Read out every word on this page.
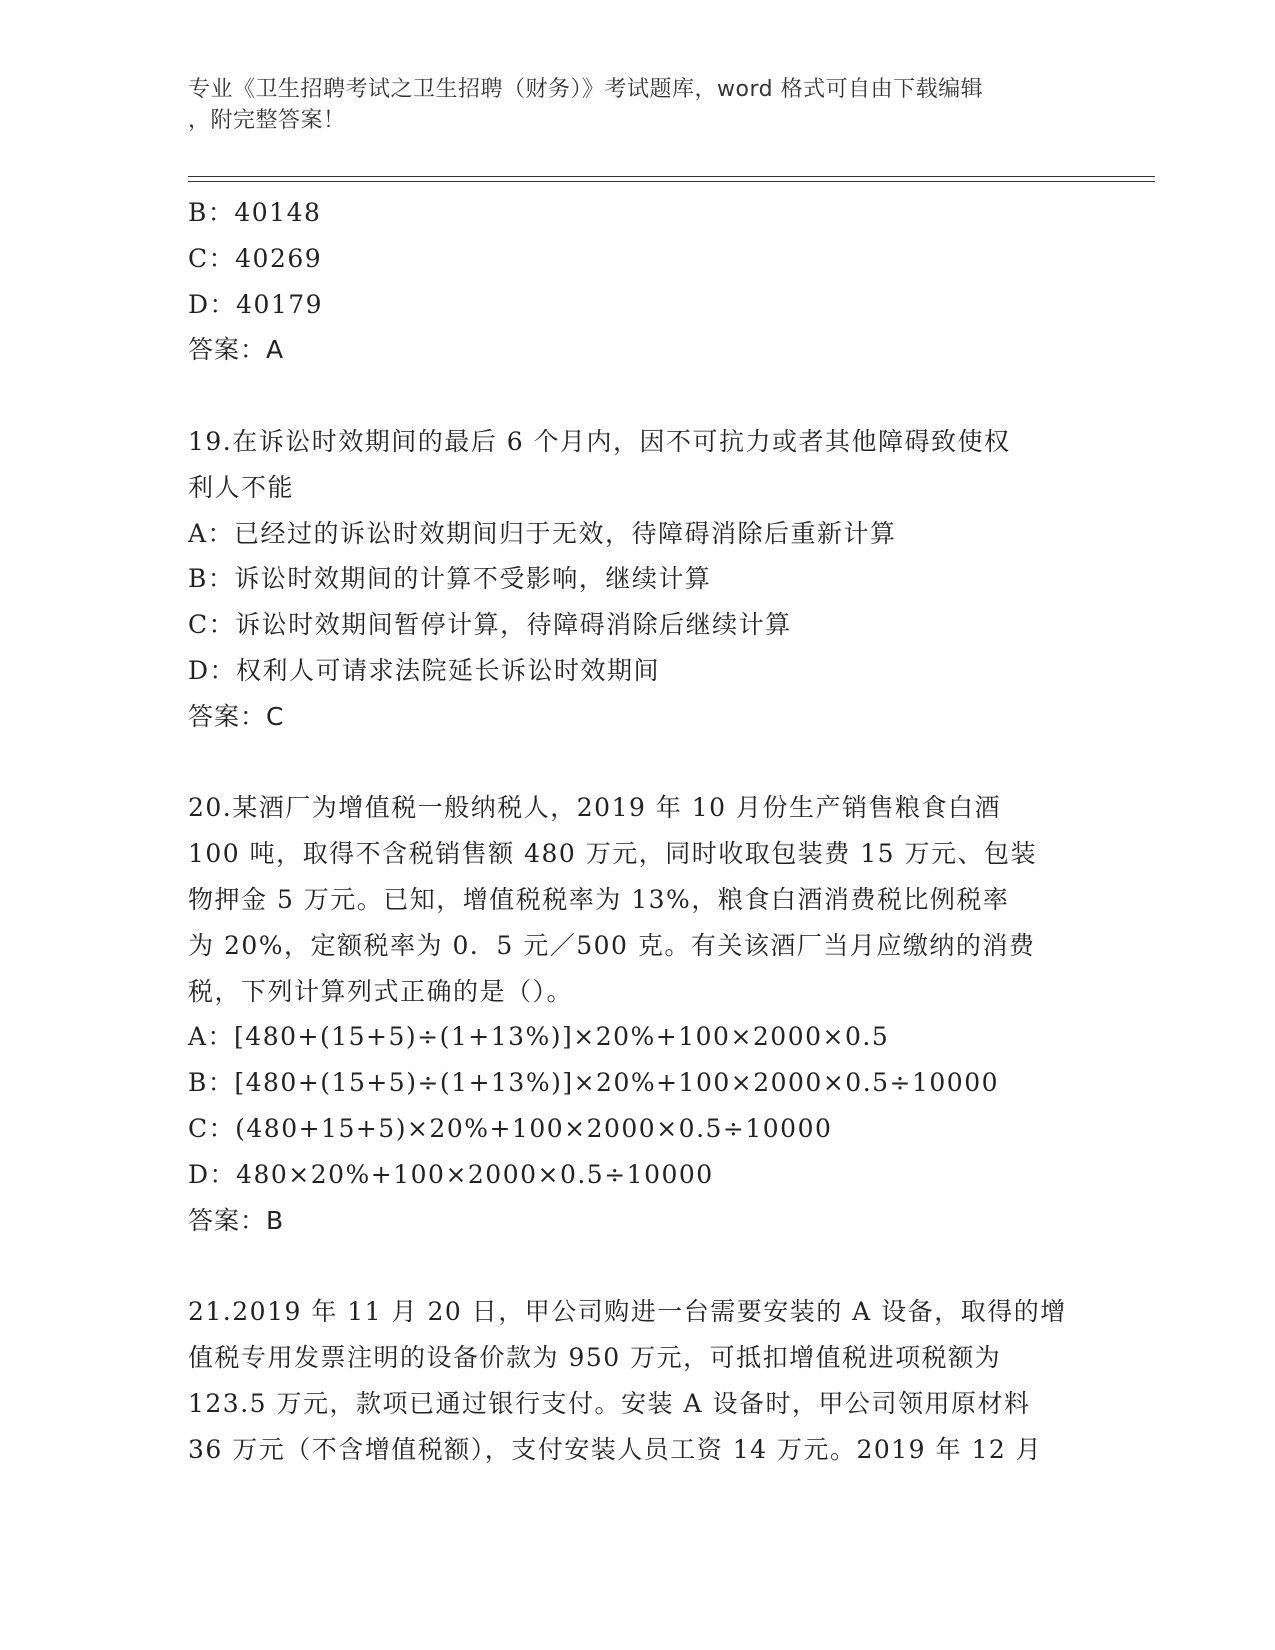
专业《卫生招聘考试之卫生招聘（财务）》考试题库，word 格式可自由下载编辑
，附完整答案！
B：40148
C：40269
D：40179
答案：A
19.在诉讼时效期间的最后 6 个月内，因不可抗力或者其他障碍致使权
利人不能
A：已经过的诉讼时效期间归于无效，待障碍消除后重新计算
B：诉讼时效期间的计算不受影响，继续计算
C：诉讼时效期间暂停计算，待障碍消除后继续计算
D：权利人可请求法院延长诉讼时效期间
答案：C
20.某酒厂为增值税一般纳税人，2019 年 10 月份生产销售粮食白酒
100 吨，取得不含税销售额 480 万元，同时收取包装费 15 万元、包装
物押金 5 万元。已知，增值税税率为 13%，粮食白酒消费税比例税率
为 20%，定额税率为 0．5 元／500 克。有关该酒厂当月应缴纳的消费
税，下列计算列式正确的是（）。
A：[480+(15+5)÷(1+13%)]×20%+100×2000×0.5
B：[480+(15+5)÷(1+13%)]×20%+100×2000×0.5÷10000
C：(480+15+5)×20%+100×2000×0.5÷10000
D：480×20%+100×2000×0.5÷10000
答案：B
21.2019 年 11 月 20 日，甲公司购进一台需要安装的 A 设备，取得的增
值税专用发票注明的设备价款为 950 万元，可抵扣增值税进项税额为
123.5 万元，款项已通过银行支付。安装 A 设备时，甲公司领用原材料
36 万元（不含增值税额），支付安装人员工资 14 万元。2019 年 12 月
